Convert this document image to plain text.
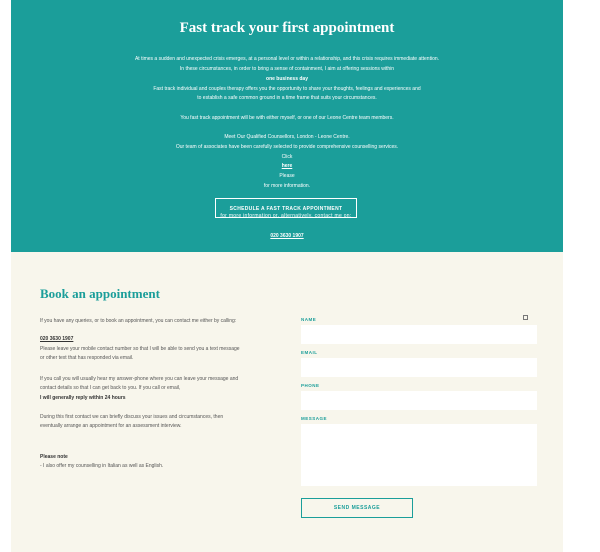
Fast track your first appointment
At times a sudden and unexpected crisis emerges, at a personal level or within a relationship, and this crisis requires immediate attention.
In these circumstances, in order to bring a sense of containment, I aim at offering sessions within
one business day
Fast track individual and couples therapy offers you the opportunity to share your thoughts, feelings and experiences and
to establish a safe common ground in a time frame that suits your circumstances.
You fast track appointment will be with either myself, or one of our Leone Centre team members.
Meet Our Qualified Counsellors, London - Leone Centre.
Our team of associates have been carefully selected to provide comprehensive counselling services.
Click
here
Please
for more information.
SCHEDULE A FAST TRACK APPOINTMENT
for more information or, alternatively, contact me on:
020 3630 1907
Book an appointment
If you have any queries, or to book an appointment, you can contact me either by calling:
020 3630 1907
Please leave your mobile contact number so that I will be able to send you a text message or other text that has responded via email.
If you call you will usually hear my answer-phone where you can leave your message and contact details so that I can get back to you. If you call or email,
I will generally reply within 24 hours
During this first contact we can briefly discuss your issues and circumstances, then eventually arrange an appointment for an assessment interview.
Please note
- I also offer my counselling in Italian as well as English.
NAME
EMAIL
PHONE
MESSAGE
SEND MESSAGE
